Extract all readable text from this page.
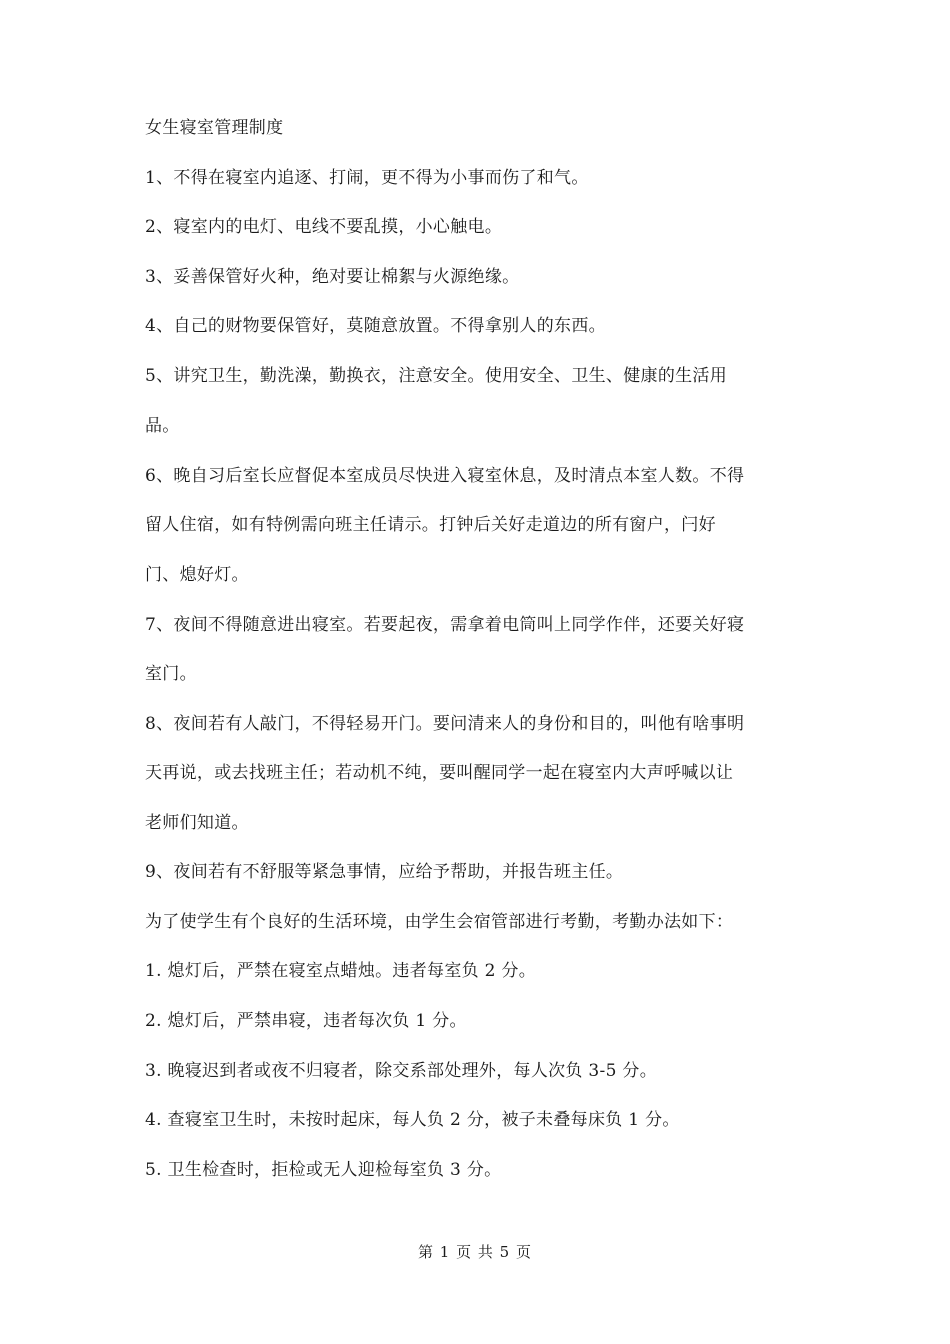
女生寝室管理制度
1、不得在寝室内追逐、打闹，更不得为小事而伤了和气。
2、寝室内的电灯、电线不要乱摸，小心触电。
3、妥善保管好火种，绝对要让棉絮与火源绝缘。
4、自己的财物要保管好，莫随意放置。不得拿别人的东西。
5、讲究卫生，勤洗澡，勤换衣，注意安全。使用安全、卫生、健康的生活用
品。
6、晚自习后室长应督促本室成员尽快进入寝室休息，及时清点本室人数。不得
留人住宿，如有特例需向班主任请示。打钟后关好走道边的所有窗户，闩好
门、熄好灯。
7、夜间不得随意进出寝室。若要起夜，需拿着电筒叫上同学作伴，还要关好寝
室门。
8、夜间若有人敲门，不得轻易开门。要问清来人的身份和目的，叫他有啥事明
天再说，或去找班主任；若动机不纯，要叫醒同学一起在寝室内大声呼喊以让
老师们知道。
9、夜间若有不舒服等紧急事情，应给予帮助，并报告班主任。
为了使学生有个良好的生活环境，由学生会宿管部进行考勤，考勤办法如下：
1. 熄灯后，严禁在寝室点蜡烛。违者每室负 2 分。
2. 熄灯后，严禁串寝，违者每次负 1 分。
3. 晚寝迟到者或夜不归寝者，除交系部处理外，每人次负 3-5 分。
4. 查寝室卫生时，未按时起床，每人负 2 分，被子未叠每床负 1 分。
5. 卫生检查时，拒检或无人迎检每室负 3 分。
第 1 页 共 5 页
